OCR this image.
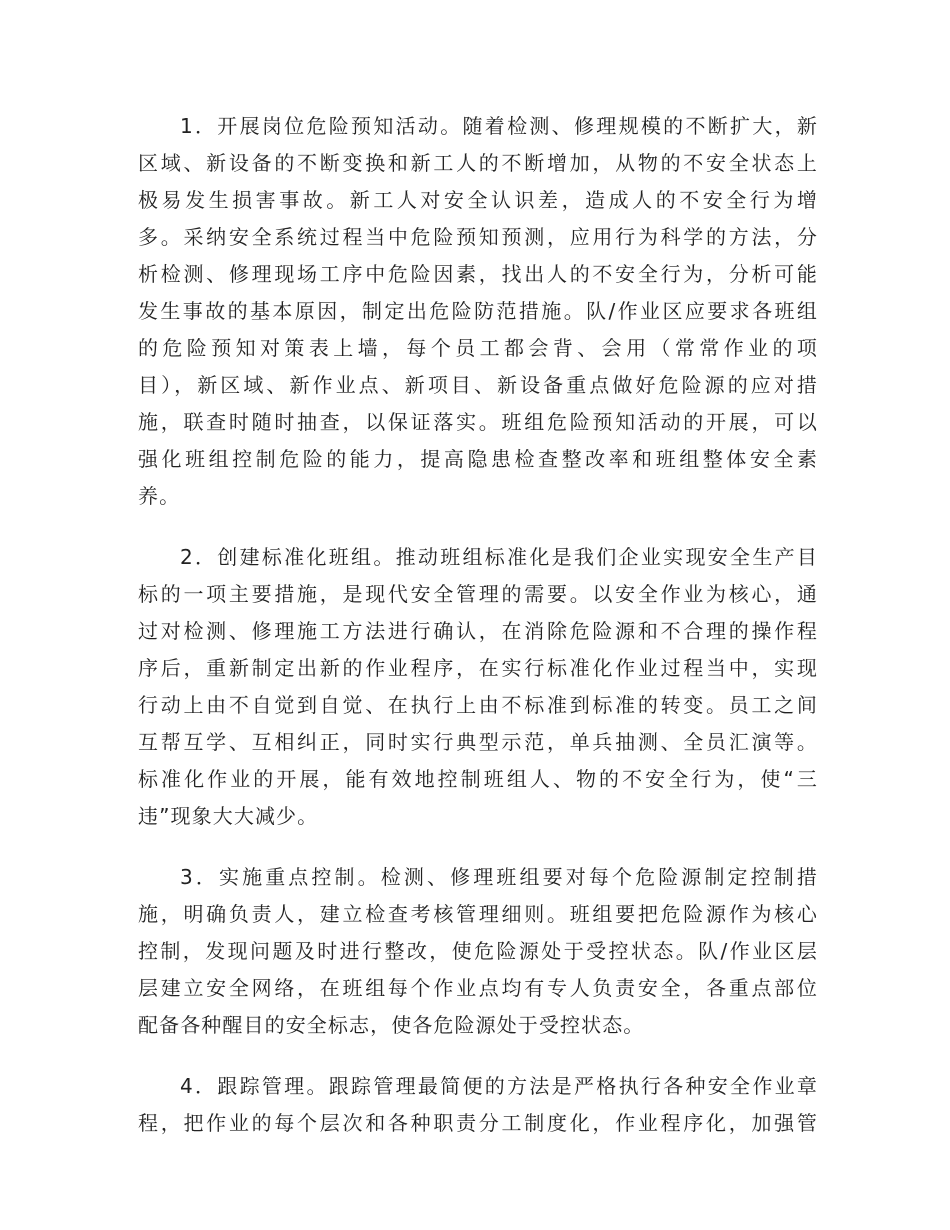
1．开展岗位危险预知活动。随着检测、修理规模的不断扩大，新
区域、新设备的不断变换和新工人的不断增加，从物的不安全状态上
极易发生损害事故。新工人对安全认识差，造成人的不安全行为增
多。采纳安全系统过程当中危险预知预测，应用行为科学的方法，分
析检测、修理现场工序中危险因素，找出人的不安全行为，分析可能
发生事故的基本原因，制定出危险防范措施。队/作业区应要求各班组
的危险预知对策表上墙，每个员工都会背、会用（常常作业的项
目），新区域、新作业点、新项目、新设备重点做好危险源的应对措
施，联查时随时抽查，以保证落实。班组危险预知活动的开展，可以
强化班组控制危险的能力，提高隐患检查整改率和班组整体安全素
养。
2．创建标准化班组。推动班组标准化是我们企业实现安全生产目
标的一项主要措施，是现代安全管理的需要。以安全作业为核心，通
过对检测、修理施工方法进行确认，在消除危险源和不合理的操作程
序后，重新制定出新的作业程序，在实行标准化作业过程当中，实现
行动上由不自觉到自觉、在执行上由不标准到标准的转变。员工之间
互帮互学、互相纠正，同时实行典型示范，单兵抽测、全员汇演等。
标准化作业的开展，能有效地控制班组人、物的不安全行为，使“三
违”现象大大减少。
3．实施重点控制。检测、修理班组要对每个危险源制定控制措
施，明确负责人，建立检查考核管理细则。班组要把危险源作为核心
控制，发现问题及时进行整改，使危险源处于受控状态。队/作业区层
层建立安全网络，在班组每个作业点均有专人负责安全，各重点部位
配备各种醒目的安全标志，使各危险源处于受控状态。
4．跟踪管理。跟踪管理最简便的方法是严格执行各种安全作业章
程，把作业的每个层次和各种职责分工制度化，作业程序化，加强管
